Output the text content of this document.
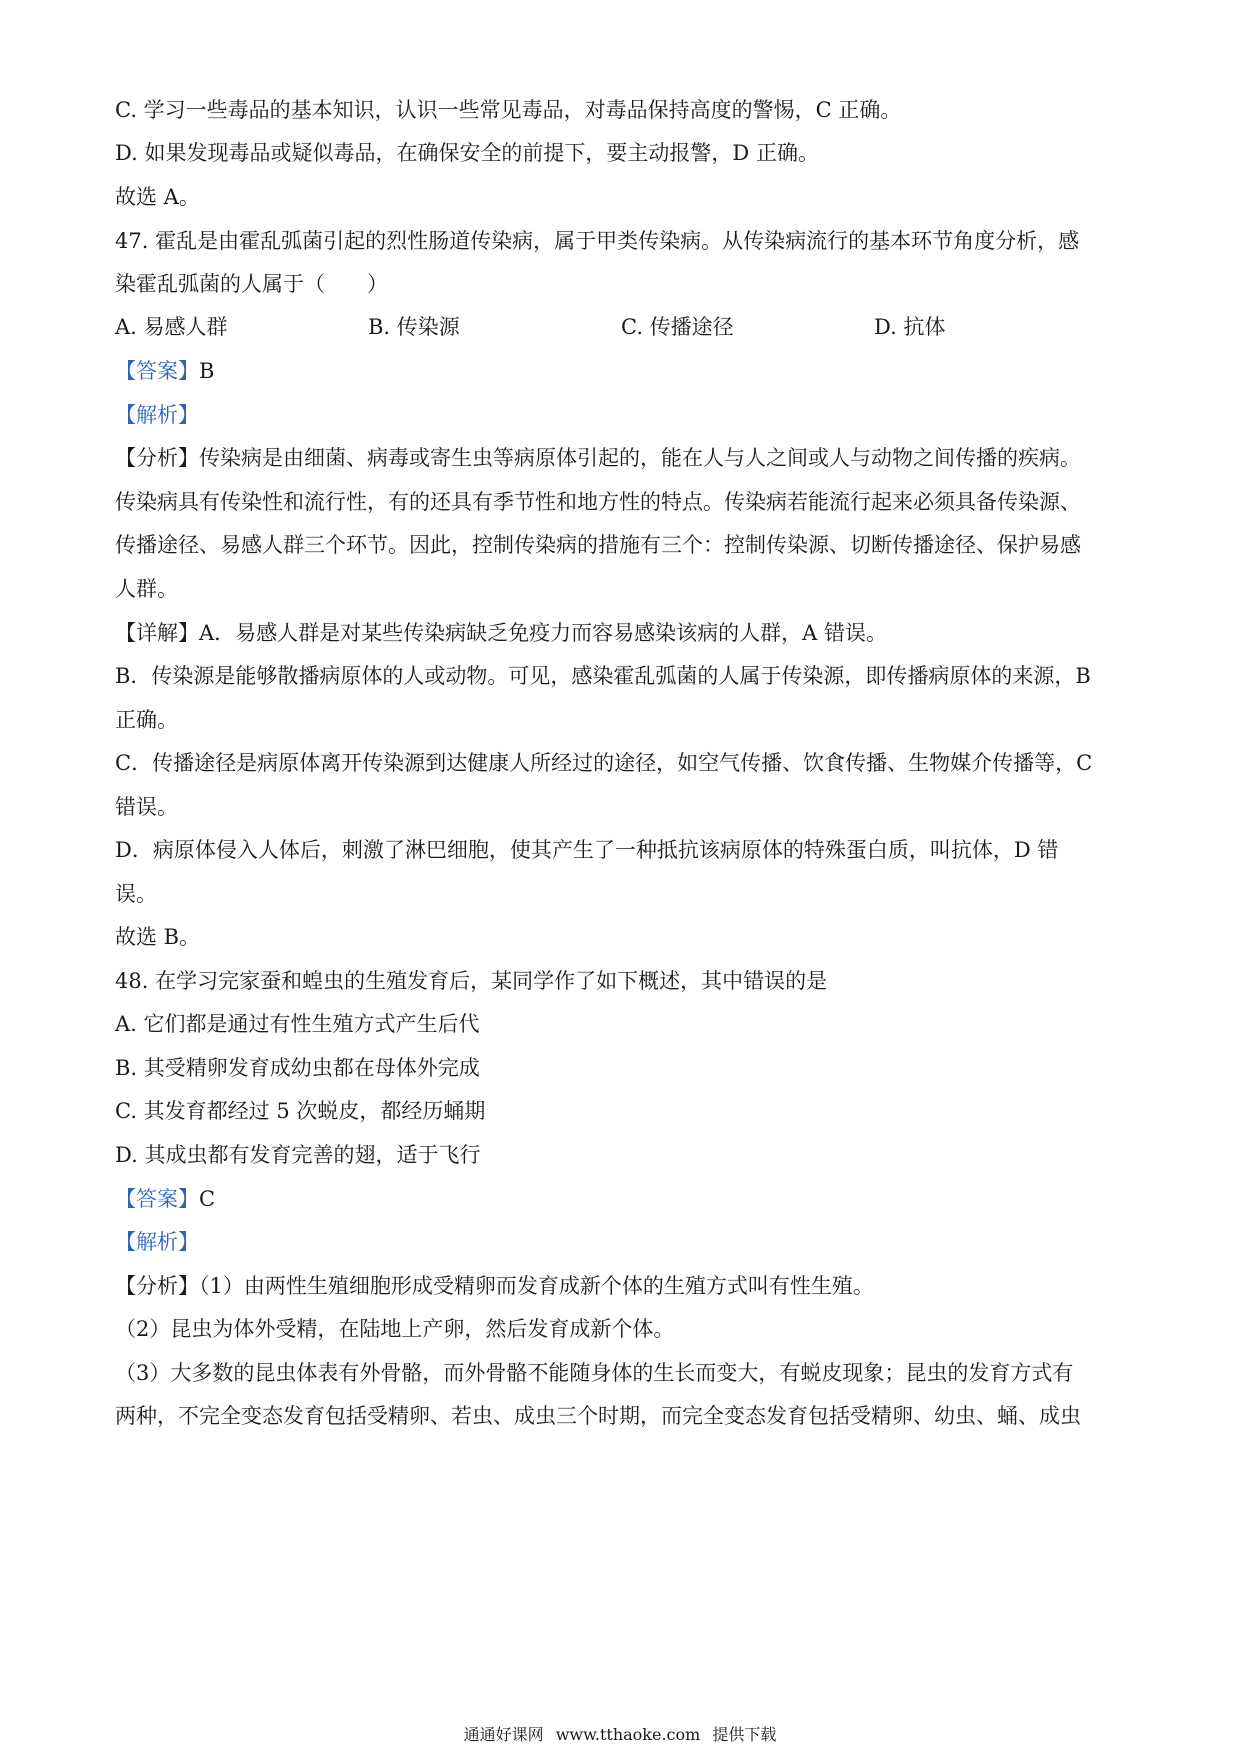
C. 学习一些毒品的基本知识，认识一些常见毒品，对毒品保持高度的警惕，C 正确。
D. 如果发现毒品或疑似毒品，在确保安全的前提下，要主动报警，D 正确。
故选 A。
47. 霍乱是由霍乱弧菌引起的烈性肠道传染病，属于甲类传染病。从传染病流行的基本环节角度分析，感
染霍乱弧菌的人属于（　　）
A. 易感人群	B. 传染源	C. 传播途径	D. 抗体
【答案】B
【解析】
【分析】传染病是由细菌、病毒或寄生虫等病原体引起的，能在人与人之间或人与动物之间传播的疾病。
传染病具有传染性和流行性，有的还具有季节性和地方性的特点。传染病若能流行起来必须具备传染源、
传播途径、易感人群三个环节。因此，控制传染病的措施有三个：控制传染源、切断传播途径、保护易感
人群。
【详解】A．易感人群是对某些传染病缺乏免疫力而容易感染该病的人群，A 错误。
B．传染源是能够散播病原体的人或动物。可见，感染霍乱弧菌的人属于传染源，即传播病原体的来源，B
正确。
C．传播途径是病原体离开传染源到达健康人所经过的途径，如空气传播、饮食传播、生物媒介传播等，C
错误。
D．病原体侵入人体后，刺激了淋巴细胞，使其产生了一种抵抗该病原体的特殊蛋白质，叫抗体，D 错
误。
故选 B。
48. 在学习完家蚕和蝗虫的生殖发育后，某同学作了如下概述，其中错误的是
A. 它们都是通过有性生殖方式产生后代
B. 其受精卵发育成幼虫都在母体外完成
C. 其发育都经过 5 次蜕皮，都经历蛹期
D. 其成虫都有发育完善的翅，适于飞行
【答案】C
【解析】
【分析】（1）由两性生殖细胞形成受精卵而发育成新个体的生殖方式叫有性生殖。
（2）昆虫为体外受精，在陆地上产卵，然后发育成新个体。
（3）大多数的昆虫体表有外骨骼，而外骨骼不能随身体的生长而变大，有蜕皮现象；昆虫的发育方式有
两种，不完全变态发育包括受精卵、若虫、成虫三个时期，而完全变态发育包括受精卵、幼虫、蛹、成虫
通通好课网 www.tthaoke.com 提供下载
